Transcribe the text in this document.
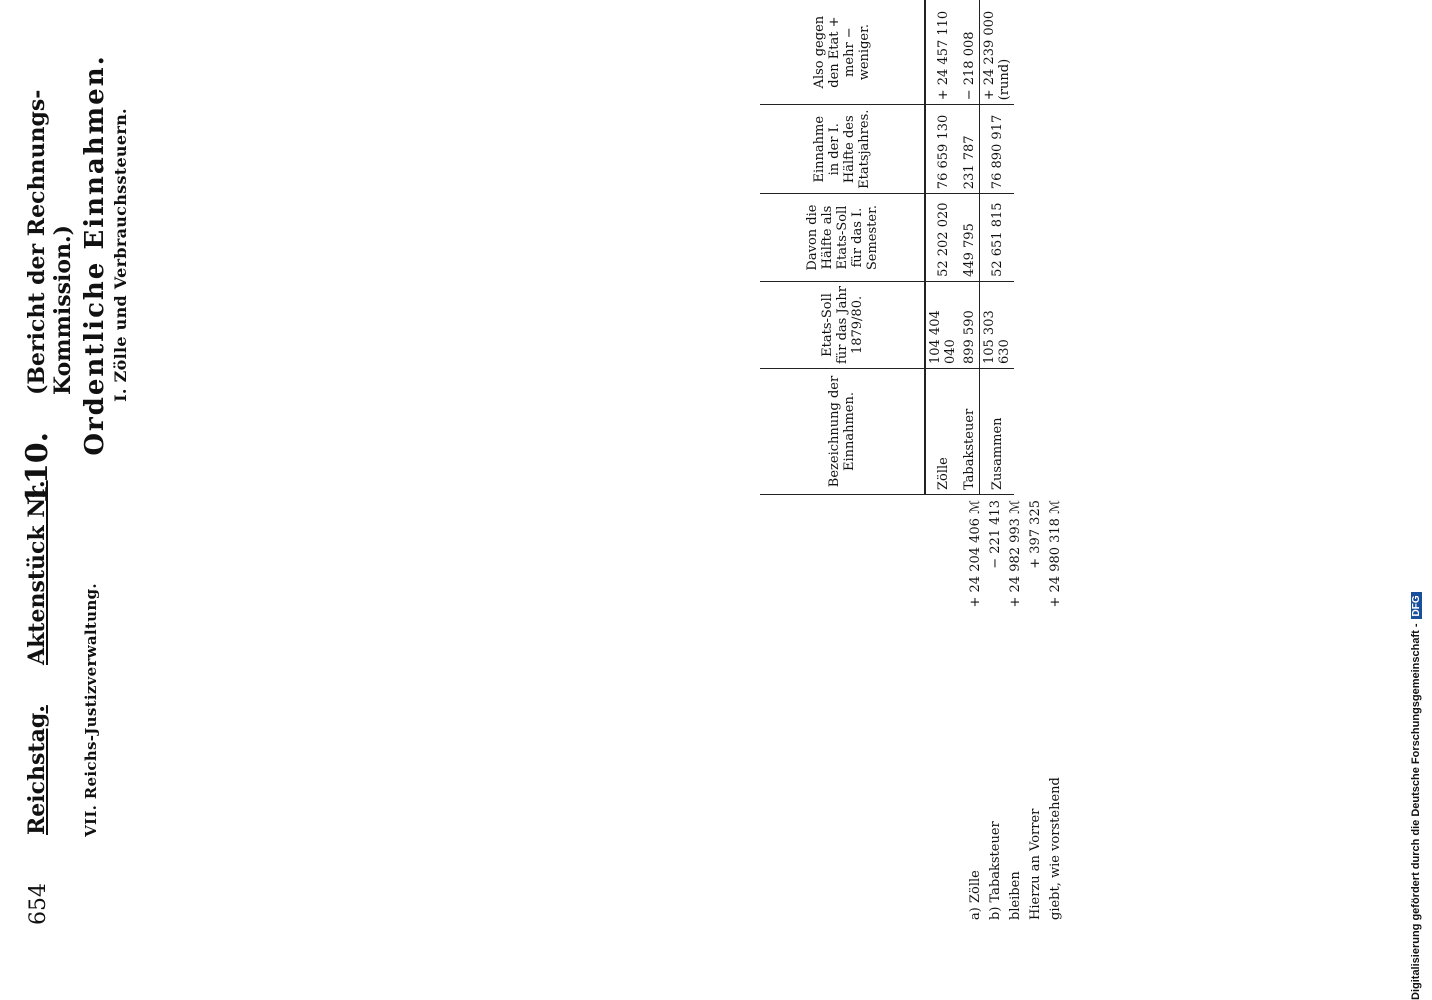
654
Reichstag.
Aktenstück Nr.
110.
(Bericht der Rechnungs-Kommission.)
VII. Reichs-Justizverwaltung.
Ordentliche Einnahmen. I. Zölle und Verbrauchssteuern.
Bezeichnung der Einnahmen.	Etats-Soll für das Jahr 1879/80.	Davon die Hälfte als Etats-Soll für das I. Semester.	Einnahme in der I. Hälfte des Etatsjahres.	Also gegen den Etat + mehr − weniger.
Zölle	104 404 040	52 202 020	76 659 130	+ 24 457 110
Tabaksteuer	899 590	449 795	231 787	− 218 008
Zusammen	105 303 630	52 651 815	76 890 917	+ 24 239 000 (rund)
a) Zölle
+ 24 204 406 ℳ
b) Tabaksteuer
− 221 413
bleiben
+ 24 982 993 ℳ
Hierzu an Vorrer
+ 397 325
giebt, wie vorstehend
+ 24 980 318 ℳ
Digitalisierung gefördert durch die Deutsche Forschungsgemeinschaft -DFG
